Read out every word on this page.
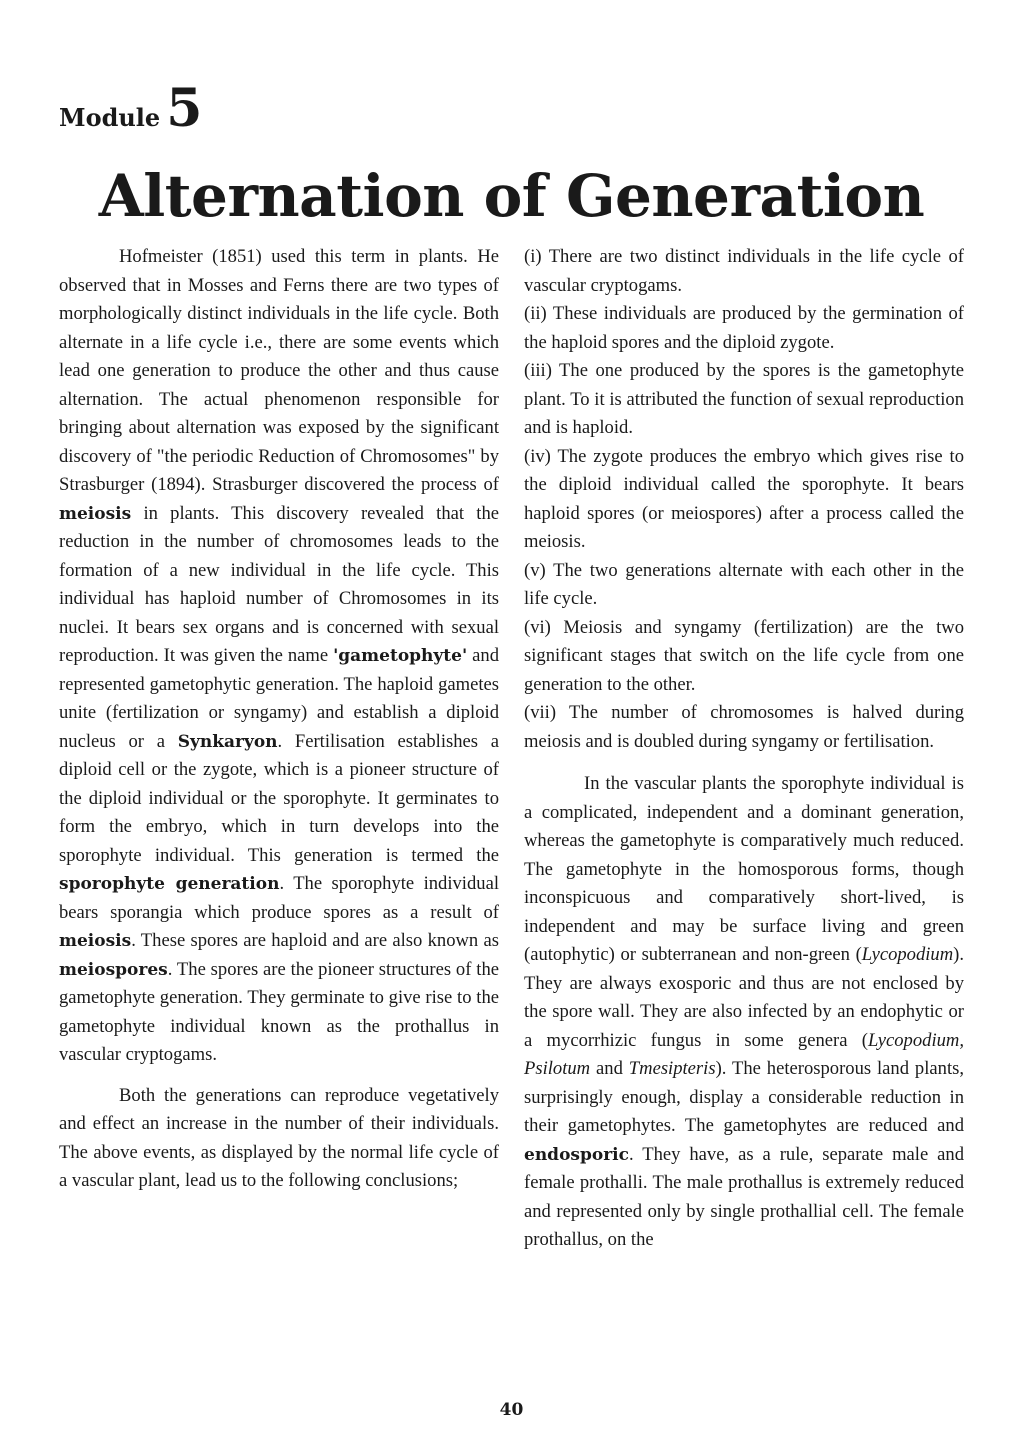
Module 5
Alternation of Generation

Hofmeister (1851) used this term in plants. He observed that in Mosses and Ferns there are two types of morphologically distinct individuals in the life cycle. Both alternate in a life cycle i.e., there are some events which lead one generation to produce the other and thus cause alternation. The actual phenomenon responsible for bringing about alternation was exposed by the significant discovery of "the periodic Reduction of Chromosomes" by Strasburger (1894). Strasburger discovered the process of meiosis in plants. This discovery revealed that the reduction in the number of chromosomes leads to the formation of a new individual in the life cycle. This individual has haploid number of Chromosomes in its nuclei. It bears sex organs and is concerned with sexual reproduction. It was given the name 'gametophyte' and represented gametophytic generation. The haploid gametes unite (fertilization or syngamy) and establish a diploid nucleus or a Synkaryon. Fertilisation establishes a diploid cell or the zygote, which is a pioneer structure of the diploid individual or the sporophyte. It germinates to form the embryo, which in turn develops into the sporophyte individual. This generation is termed the sporophyte generation. The sporophyte individual bears sporangia which produce spores as a result of meiosis. These spores are haploid and are also known as meiospores. The spores are the pioneer structures of the gametophyte generation. They germinate to give rise to the gametophyte individual known as the prothallus in vascular cryptogams.

Both the generations can reproduce vegetatively and effect an increase in the number of their individuals. The above events, as displayed by the normal life cycle of a vascular plant, lead us to the following conclusions;

(i) There are two distinct individuals in the life cycle of vascular cryptogams.

(ii) These individuals are produced by the germination of the haploid spores and the diploid zygote.

(iii) The one produced by the spores is the gametophyte plant. To it is attributed the function of sexual reproduction and is haploid.

(iv) The zygote produces the embryo which gives rise to the diploid individual called the sporophyte. It bears haploid spores (or meiospores) after a process called the meiosis.

(v) The two generations alternate with each other in the life cycle.

(vi) Meiosis and syngamy (fertilization) are the two significant stages that switch on the life cycle from one generation to the other.

(vii) The number of chromosomes is halved during meiosis and is doubled during syngamy or fertilisation.

In the vascular plants the sporophyte individual is a complicated, independent and a dominant generation, whereas the gametophyte is comparatively much reduced. The gametophyte in the homosporous forms, though inconspicuous and comparatively short-lived, is independent and may be surface living and green (autophytic) or subterranean and non-green (Lycopodium). They are always exosporic and thus are not enclosed by the spore wall. They are also infected by an endophytic or a mycorrhizic fungus in some genera (Lycopodium, Psilotum and Tmesipteris). The heterosporous land plants, surprisingly enough, display a considerable reduction in their gametophytes. The gametophytes are reduced and endosporic. They have, as a rule, separate male and female prothalli. The male prothallus is extremely reduced and represented only by single prothallial cell. The female prothallus, on the

40
